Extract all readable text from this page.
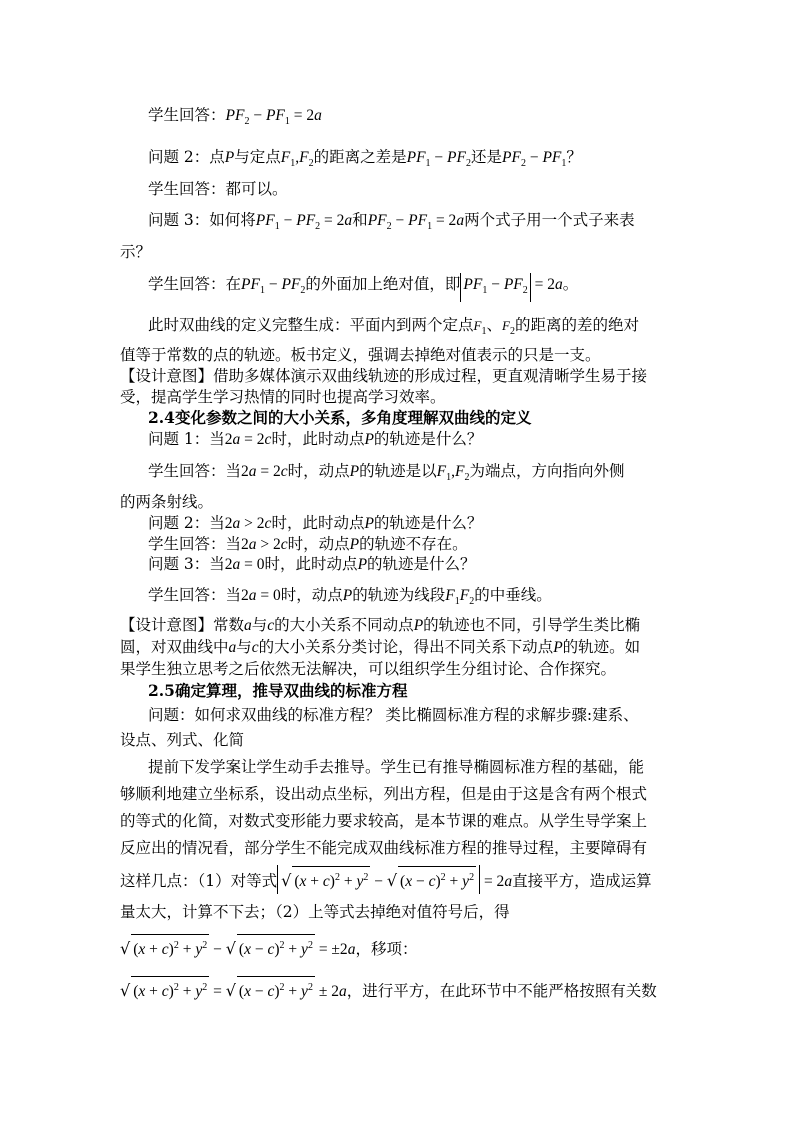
学生回答：$PF_2 - PF_1 = 2a$
问题 2：点P与定点$F_1,F_2$的距离之差是$PF_1 - PF_2$还是$PF_2 - PF_1$？
学生回答：都可以。
问题 3：如何将$PF_1 - PF_2 = 2a$和$PF_2 - PF_1 = 2a$两个式子用一个式子来表
示？
学生回答：在$PF_1 - PF_2$的外面加上绝对值，即 $PF_1 - PF_2 = 2a$。
此时双曲线的定义完整生成：平面内到两个定点$F_1$、$F_2$的距离的差的绝对
值等于常数的点的轨迹。板书定义，强调去掉绝对值表示的只是一支。
【设计意图】借助多媒体演示双曲线轨迹的形成过程，更直观清晰学生易于接
受，提高学生学习热情的同时也提高学习效率。
2.4变化参数之间的大小关系，多角度理解双曲线的定义
问题 1：当2a = 2c时，此时动点P的轨迹是什么？
学生回答：当2a = 2c时，动点P的轨迹是以$F_1,F_2$为端点，方向指向外侧
的两条射线。
问题 2：当2a > 2c时，此时动点P的轨迹是什么？
学生回答：当2a > 2c时，动点P的轨迹不存在。
问题 3：当2a = 0时，此时动点P的轨迹是什么？
学生回答：当2a = 0时，动点P的轨迹为线段$F_1F_2$的中垂线。
【设计意图】常数a与c的大小关系不同动点P的轨迹也不同，引导学生类比椭
圆，对双曲线中a与c的大小关系分类讨论，得出不同关系下动点P的轨迹。如
果学生独立思考之后依然无法解决，可以组织学生分组讨论、合作探究。
2.5确定算理，推导双曲线的标准方程
问题：如何求双曲线的标准方程？ 类比椭圆标准方程的求解步骤:建系、
设点、列式、化简
提前下发学案让学生动手去推导。学生已有推导椭圆标准方程的基础，能
够顺利地建立坐标系，设出动点坐标，列出方程，但是由于这是含有两个根式
的等式的化简，对数式变形能力要求较高，是本节课的难点。从学生导学案上
反应出的情况看，部分学生不能完成双曲线标准方程的推导过程，主要障碍有
这样几点：（1）对等式 √ $(x + c)^2 + y^2$ − √ $(x - c)^2 + y^2 = 2a$直接平方，造成运算
量太大，计算不下去；（2）上等式去掉绝对值符号后，得
√ $(x + c)^2 + y^2$ − √ $(x - c)^2 + y^2 = \pm 2a$，移项：
√ $(x + c)^2 + y^2$ = √ $(x - c)^2 + y^2 \pm 2a$，进行平方，在此环节中不能严格按照有关数
